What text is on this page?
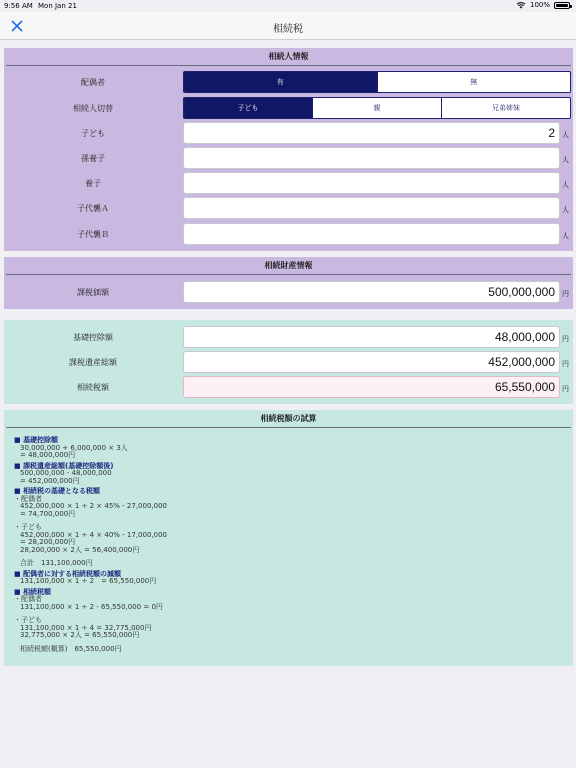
9:56 AM Mon Jan 21	100%
相続税
相続人情報
配偶者	有	無
相続人切替	子ども	親	兄弟姉妹
子ども	2	人
孫養子	人
養子	人
子代襲Ａ	人
子代襲Ｂ	人
相続財産情報
課税価額	500,000,000	円
基礎控除額	48,000,000	円
課税遺産総額	452,000,000	円
相続税額	65,550,000	円
相続税額の試算
■ 基礎控除額
30,000,000 + 6,000,000 × 3人
= 48,000,000円
■ 課税遺産総額(基礎控除額後)
500,000,000 - 48,000,000
= 452,000,000円
■ 相続税の基礎となる税額
・配偶者
452,000,000 × 1 ÷ 2 × 45% - 27,000,000
= 74,700,000円
・子ども
452,000,000 × 1 ÷ 4 × 40% - 17,000,000
= 28,200,000円
28,200,000 × 2人 = 56,400,000円
合計　131,100,000円
■ 配偶者に対する相続税額の減額
131,100,000 × 1 ÷ 2　= 65,550,000円
■ 相続税額
・配偶者
131,100,000 × 1 ÷ 2 - 65,550,000 = 0円
・子ども
131,100,000 × 1 ÷ 4 = 32,775,000円
32,775,000 × 2人 = 65,550,000円
相続税額(概算)　65,550,000円
